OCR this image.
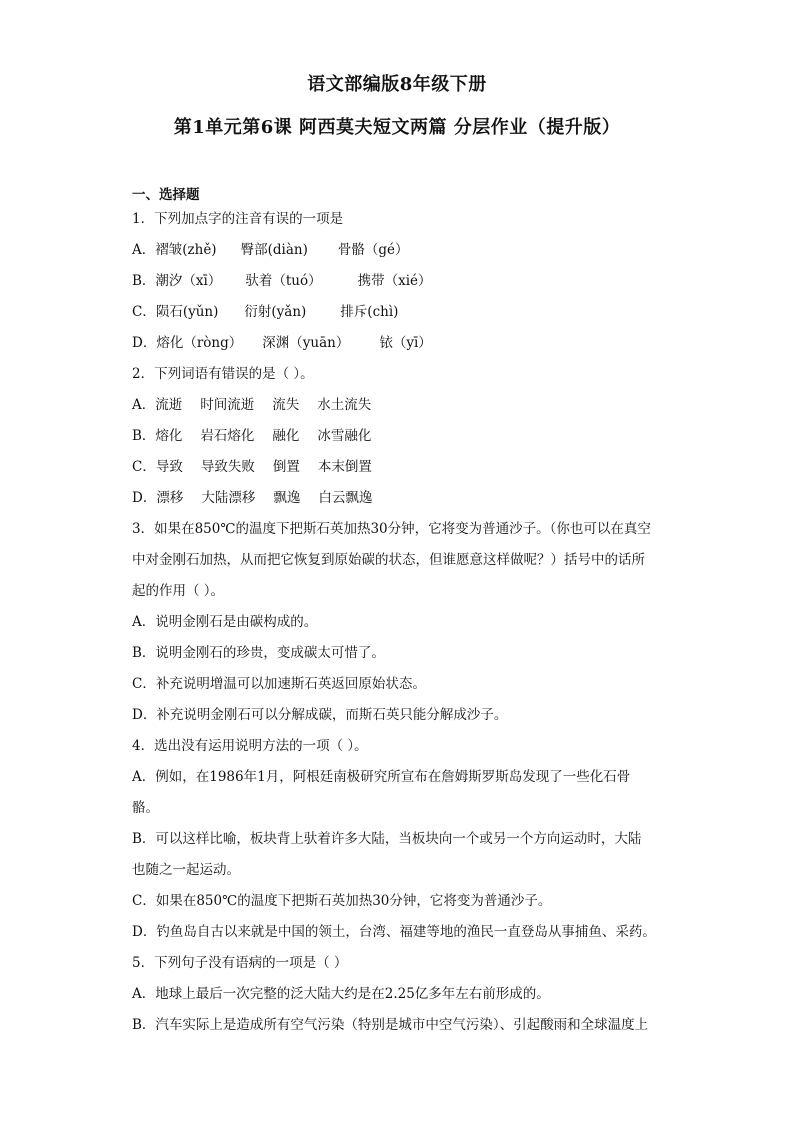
语文部编版8年级下册
第1单元第6课 阿西莫夫短文两篇 分层作业（提升版）
一、选择题
1．下列加点字的注音有误的一项是
A．褶皱(zhě) 臀部(diàn) 骨骼（gé）
B．潮汐（xī） 驮着（tuó）	携带（xié）
C．陨石(yǔn) 衍射(yǎn)	排斥(chì)
D．熔化（ròng） 深渊（yuān） 铱（yī）
2．下列词语有错误的是（ ）。
A．流逝 时间流逝 流失 水土流失
B．熔化 岩石熔化 融化 冰雪融化
C．导致 导致失败 倒置 本末倒置
D．漂移 大陆漂移 飘逸 白云飘逸
3．如果在850℃的温度下把斯石英加热30分钟，它将变为普通沙子。（你也可以在真空
中对金刚石加热，从而把它恢复到原始碳的状态，但谁愿意这样做呢？）括号中的话所
起的作用（ ）。
A．说明金刚石是由碳构成的。
B．说明金刚石的珍贵，变成碳太可惜了。
C．补充说明增温可以加速斯石英返回原始状态。
D．补充说明金刚石可以分解成碳，而斯石英只能分解成沙子。
4．选出没有运用说明方法的一项（ ）。
A．例如，在1986年1月，阿根廷南极研究所宣布在詹姆斯罗斯岛发现了一些化石骨
骼。
B．可以这样比喻，板块背上驮着许多大陆，当板块向一个或另一个方向运动时，大陆
也随之一起运动。
C．如果在850℃的温度下把斯石英加热30分钟，它将变为普通沙子。
D．钓鱼岛自古以来就是中国的领土，台湾、福建等地的渔民一直登岛从事捕鱼、采药。
5．下列句子没有语病的一项是（ ）
A．地球上最后一次完整的泛大陆大约是在2.25亿多年左右前形成的。
B．汽车实际上是造成所有空气污染（特别是城市中空气污染）、引起酸雨和全球温度上
